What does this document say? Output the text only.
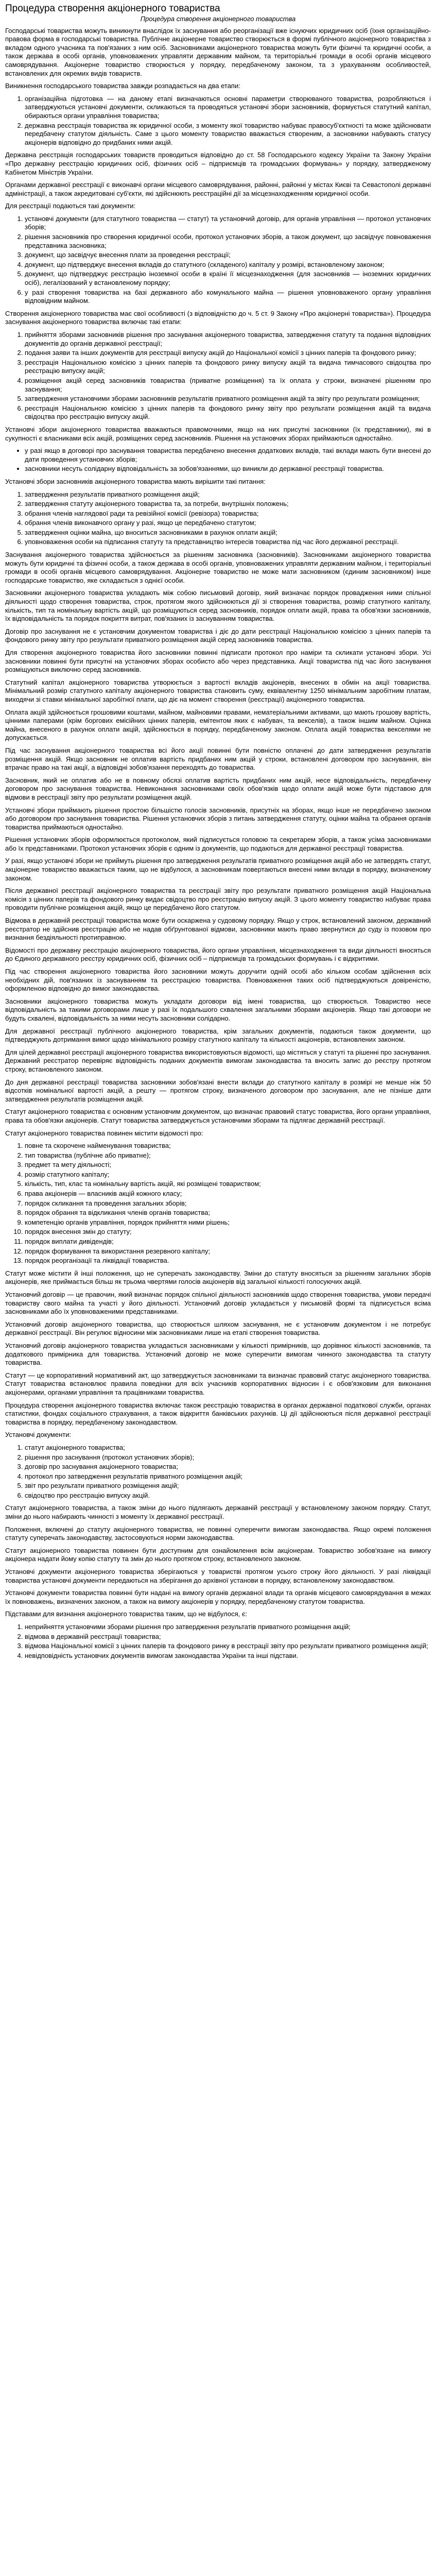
Процедура створення акціонерного товариства
Процедура створення акціонерного товариства

Господарські товариства можуть виникнути внаслідок їх заснування або реорганізації вже існуючих юридичних осіб (їхня організаційно-правова форма в господарські товариства. Публічне акціонерне товариство створюється в формі публічного акціонерного товариства з вкладом одного учасника та пов'язаних з ним осіб. Засновниками акціонерного товариства можуть бути фізичні та юридичні особи, а також держава в особі органів, уповноважених управляти державним майном, та територіальні громади в особі органів місцевого самоврядування. Акціонерне товариство створюється у порядку, передбаченому законом, та з урахуванням особливостей, встановлених для окремих видів товариств.

Виникнення господарського товариства завжди розпадається на два етапи:

1. організаційна підготовка — на даному етапі визначаються основні параметри створюваного товариства, розробляються і затверджуються установчі документи, скликаються та проводяться установчі збори засновників, формується статутний капітал, обираються органи управління товариства;
2. державна реєстрація товариства як юридичної особи, з моменту якої товариство набуває правосуб'єктності та може здійснювати передбачену статутом діяльність. Саме з цього моменту товариство вважається створеним, а засновники набувають статусу акціонерів відповідно до придбаних ними акцій.

Державна реєстрація господарських товариств проводиться відповідно до ст. 58 Господарського кодексу України та Закону України «Про державну реєстрацію юридичних осіб, фізичних осіб – підприємців та громадських формувань» у порядку, затвердженому Кабінетом Міністрів України.

Органами державної реєстрації є виконавчі органи місцевого самоврядування, районні, районні у містах Києві та Севастополі державні адміністрації, а також акредитовані суб'єкти, які здійснюють реєстраційні дії за місцезнаходженням юридичної особи.

Для реєстрації подаються такі документи:

1. установчі документи (для статутного товариства — статут) та установчий договір, для органів управління — протокол установчих зборів;
2. рішення засновників про створення юридичної особи, протокол установчих зборів, а також документ, що засвідчує повноваження представника засновника;
3. документ, що засвідчує внесення плати за проведення реєстрації;
4. документ, що підтверджує внесення вкладів до статутного (складеного) капіталу у розмірі, встановленому законом;
5. документ, що підтверджує реєстрацію іноземної особи в країні її місцезнаходження (для засновників — іноземних юридичних осіб), легалізований у встановленому порядку;
6. у разі створення товариства на базі державного або комунального майна — рішення уповноваженого органу управління відповідним майном.

Створення акціонерного товариства має свої особливості (з відповідністю до ч. 5 ст. 9 Закону «Про акціонерні товариства»). Процедура заснування акціонерного товариства включає такі етапи:

1. прийняття зборами засновників рішення про заснування акціонерного товариства, затвердження статуту та подання відповідних документів до органів державної реєстрації;
2. подання заяви та інших документів для реєстрації випуску акцій до Національної комісії з цінних паперів та фондового ринку;
3. реєстрація Національною комісією з цінних паперів та фондового ринку випуску акцій та видача тимчасового свідоцтва про реєстрацію випуску акцій;
4. розміщення акцій серед засновників товариства (приватне розміщення) та їх оплата у строки, визначені рішенням про заснування;
5. затвердження установчими зборами засновників результатів приватного розміщення акцій та звіту про результати розміщення;
6. реєстрація Національною комісією з цінних паперів та фондового ринку звіту про результати розміщення акцій та видача свідоцтва про реєстрацію випуску акцій.

Установчі збори акціонерного товариства вважаються правомочними, якщо на них присутні засновники (їх представники), які в сукупності є власниками всіх акцій, розміщених серед засновників. Рішення на установчих зборах приймаються одностайно.

• у разі якщо в договорі про заснування товариства передбачено внесення додаткових вкладів, такі вклади мають бути внесені до дати проведення установчих зборів;
• засновники несуть солідарну відповідальність за зобов'язаннями, що виникли до державної реєстрації товариства.

Установчі збори засновників акціонерного товариства мають вирішити такі питання:

1. затвердження результатів приватного розміщення акцій;
2. затвердження статуту акціонерного товариства та, за потреби, внутрішніх положень;
3. обрання членів наглядової ради та ревізійної комісії (ревізора) товариства;
4. обрання членів виконавчого органу у разі, якщо це передбачено статутом;
5. затвердження оцінки майна, що вноситься засновниками в рахунок оплати акцій;
6. уповноваження особи на підписання статуту та представництво інтересів товариства під час його державної реєстрації.

Заснування акціонерного товариства здійснюється за рішенням засновника (засновників). Засновниками акціонерного товариства можуть бути юридичні та фізичні особи, а також держава в особі органів, уповноважених управляти державним майном, і територіальні громади в особі органів місцевого самоврядування. Акціонерне товариство не може мати засновником (єдиним засновником) інше господарське товариство, яке складається з однієї особи.

Засновники акціонерного товариства укладають між собою письмовий договір, який визначає порядок провадження ними спільної діяльності щодо створення товариства, строк, протягом якого здійснюються дії зі створення товариства, розмір статутного капіталу, кількість, тип та номінальну вартість акцій, що розміщуються серед засновників, порядок оплати акцій, права та обов'язки засновників, їх відповідальність та порядок покриття витрат, пов'язаних із заснуванням товариства.

Договір про заснування не є установчим документом товариства і діє до дати реєстрації Національною комісією з цінних паперів та фондового ринку звіту про результати приватного розміщення акцій серед засновників товариства.

Для створення акціонерного товариства його засновники повинні підписати протокол про наміри та скликати установчі збори. Усі засновники повинні бути присутні на установчих зборах особисто або через представника. Акції товариства під час його заснування розміщуються виключно серед засновників.

Статутний капітал акціонерного товариства утворюється з вартості вкладів акціонерів, внесених в обмін на акції товариства. Мінімальний розмір статутного капіталу акціонерного товариства становить суму, еквівалентну 1250 мінімальним заробітним платам, виходячи зі ставки мінімальної заробітної плати, що діє на момент створення (реєстрації) акціонерного товариства.

Оплата акцій здійснюється грошовими коштами, майном, майновими правами, нематеріальними активами, що мають грошову вартість, цінними паперами (крім боргових емісійних цінних паперів, емітентом яких є набувач, та векселів), а також іншим майном. Оцінка майна, внесеного в рахунок оплати акцій, здійснюється в порядку, передбаченому законом. Оплата акцій товариства векселями не допускається.

Під час заснування акціонерного товариства всі його акції повинні бути повністю оплачені до дати затвердження результатів розміщення акцій. Якщо засновник не оплатив вартість придбаних ним акцій у строки, встановлені договором про заснування, він втрачає право на такі акції, а відповідні зобов'язання переходять до товариства.

Засновник, який не оплатив або не в повному обсязі оплатив вартість придбаних ним акцій, несе відповідальність, передбачену договором про заснування товариства. Невиконання засновниками своїх обов'язків щодо оплати акцій може бути підставою для відмови в реєстрації звіту про результати розміщення акцій.

Установчі збори приймають рішення простою більшістю голосів засновників, присутніх на зборах, якщо інше не передбачено законом або договором про заснування товариства. Рішення установчих зборів з питань затвердження статуту, оцінки майна та обрання органів товариства приймаються одностайно.

Рішення установчих зборів оформлюється протоколом, який підписується головою та секретарем зборів, а також усіма засновниками або їх представниками. Протокол установчих зборів є одним із документів, що подаються для державної реєстрації товариства.

У разі, якщо установчі збори не приймуть рішення про затвердження результатів приватного розміщення акцій або не затвердять статут, акціонерне товариство вважається таким, що не відбулося, а засновникам повертаються внесені ними вклади в порядку, визначеному законом.

Після державної реєстрації акціонерного товариства та реєстрації звіту про результати приватного розміщення акцій Національна комісія з цінних паперів та фондового ринку видає свідоцтво про реєстрацію випуску акцій. З цього моменту товариство набуває права проводити публічне розміщення акцій, якщо це передбачено його статутом.

Відмова в державній реєстрації товариства може бути оскаржена у судовому порядку. Якщо у строк, встановлений законом, державний реєстратор не здійснив реєстрацію або не надав обґрунтованої відмови, засновники мають право звернутися до суду із позовом про визнання бездіяльності протиправною.

Відомості про державну реєстрацію акціонерного товариства, його органи управління, місцезнаходження та види діяльності вносяться до Єдиного державного реєстру юридичних осіб, фізичних осіб – підприємців та громадських формувань і є відкритими.

Під час створення акціонерного товариства його засновники можуть доручити одній особі або кільком особам здійснення всіх необхідних дій, пов'язаних із заснуванням та реєстрацією товариства. Повноваження таких осіб підтверджуються довіреністю, оформленою відповідно до вимог законодавства.

Засновники акціонерного товариства можуть укладати договори від імені товариства, що створюється. Товариство несе відповідальність за такими договорами лише у разі їх подальшого схвалення загальними зборами акціонерів. Якщо такі договори не будуть схвалені, відповідальність за ними несуть засновники солідарно.

Для державної реєстрації публічного акціонерного товариства, крім загальних документів, подаються також документи, що підтверджують дотримання вимог щодо мінімального розміру статутного капіталу та кількості акціонерів, встановлених законом.

Для цілей державної реєстрації акціонерного товариства використовуються відомості, що містяться у статуті та рішенні про заснування. Державний реєстратор перевіряє відповідність поданих документів вимогам законодавства та вносить запис до реєстру протягом строку, встановленого законом.

До дня державної реєстрації товариства засновники зобов'язані внести вклади до статутного капіталу в розмірі не менше ніж 50 відсотків номінальної вартості акцій, а решту — протягом строку, визначеного договором про заснування, але не пізніше дати затвердження результатів розміщення акцій.

Статут акціонерного товариства є основним установчим документом, що визначає правовий статус товариства, його органи управління, права та обов'язки акціонерів. Статут товариства затверджується установчими зборами та підлягає державній реєстрації.

Статут акціонерного товариства повинен містити відомості про:

1. повне та скорочене найменування товариства;
2. тип товариства (публічне або приватне);
3. предмет та мету діяльності;
4. розмір статутного капіталу;
5. кількість, тип, клас та номінальну вартість акцій, які розміщені товариством;
6. права акціонерів — власників акцій кожного класу;
7. порядок скликання та проведення загальних зборів;
8. порядок обрання та відкликання членів органів товариства;
9. компетенцію органів управління, порядок прийняття ними рішень;
10. порядок внесення змін до статуту;
11. порядок виплати дивідендів;
12. порядок формування та використання резервного капіталу;
13. порядок реорганізації та ліквідації товариства.

Статут може містити й інші положення, що не суперечать законодавству. Зміни до статуту вносяться за рішенням загальних зборів акціонерів, яке приймається більш як трьома чвертями голосів акціонерів від загальної кількості голосуючих акцій.

Установчий договір — це правочин, який визначає порядок спільної діяльності засновників щодо створення товариства, умови передачі товариству свого майна та участі у його діяльності. Установчий договір укладається у письмовій формі та підписується всіма засновниками або їх уповноваженими представниками.

Установчий договір акціонерного товариства, що створюється шляхом заснування, не є установчим документом і не потребує державної реєстрації. Він регулює відносини між засновниками лише на етапі створення товариства.

Установчий договір акціонерного товариства укладається засновниками у кількості примірників, що дорівнює кількості засновників, та додаткового примірника для товариства. Установчий договір не може суперечити вимогам чинного законодавства та статуту товариства.

Статут — це корпоративний нормативний акт, що затверджується засновниками та визначає правовий статус акціонерного товариства. Статут товариства встановлює правила поведінки для всіх учасників корпоративних відносин і є обов'язковим для виконання акціонерами, органами управління та працівниками товариства.

Процедура створення акціонерного товариства включає також реєстрацію товариства в органах державної податкової служби, органах статистики, фондах соціального страхування, а також відкриття банківських рахунків. Ці дії здійснюються після державної реєстрації товариства в порядку, передбаченому законодавством.

Установчі документи:

1. статут акціонерного товариства;
2. рішення про заснування (протокол установчих зборів);
3. договір про заснування акціонерного товариства;
4. протокол про затвердження результатів приватного розміщення акцій;
5. звіт про результати приватного розміщення акцій;
6. свідоцтво про реєстрацію випуску акцій.

Статут акціонерного товариства, а також зміни до нього підлягають державній реєстрації у встановленому законом порядку. Статут, зміни до нього набирають чинності з моменту їх державної реєстрації.

Положення, включені до статуту акціонерного товариства, не повинні суперечити вимогам законодавства. Якщо окремі положення статуту суперечать законодавству, застосовуються норми законодавства.

Статут акціонерного товариства повинен бути доступним для ознайомлення всім акціонерам. Товариство зобов'язане на вимогу акціонера надати йому копію статуту та змін до нього протягом строку, встановленого законом.

Установчі документи акціонерного товариства зберігаються у товаристві протягом усього строку його діяльності. У разі ліквідації товариства установчі документи передаються на зберігання до архівної установи в порядку, встановленому законодавством.

Установчі документи товариства повинні бути надані на вимогу органів державної влади та органів місцевого самоврядування в межах їх повноважень, визначених законом, а також на вимогу акціонерів у порядку, передбаченому статутом товариства.

Підставами для визнання акціонерного товариства таким, що не відбулося, є:

1. неприйняття установчими зборами рішення про затвердження результатів приватного розміщення акцій;
2. відмова в державній реєстрації товариства;
3. відмова Національної комісії з цінних паперів та фондового ринку в реєстрації звіту про результати приватного розміщення акцій;
4. невідповідність установчих документів вимогам законодавства України та інші підстави.
